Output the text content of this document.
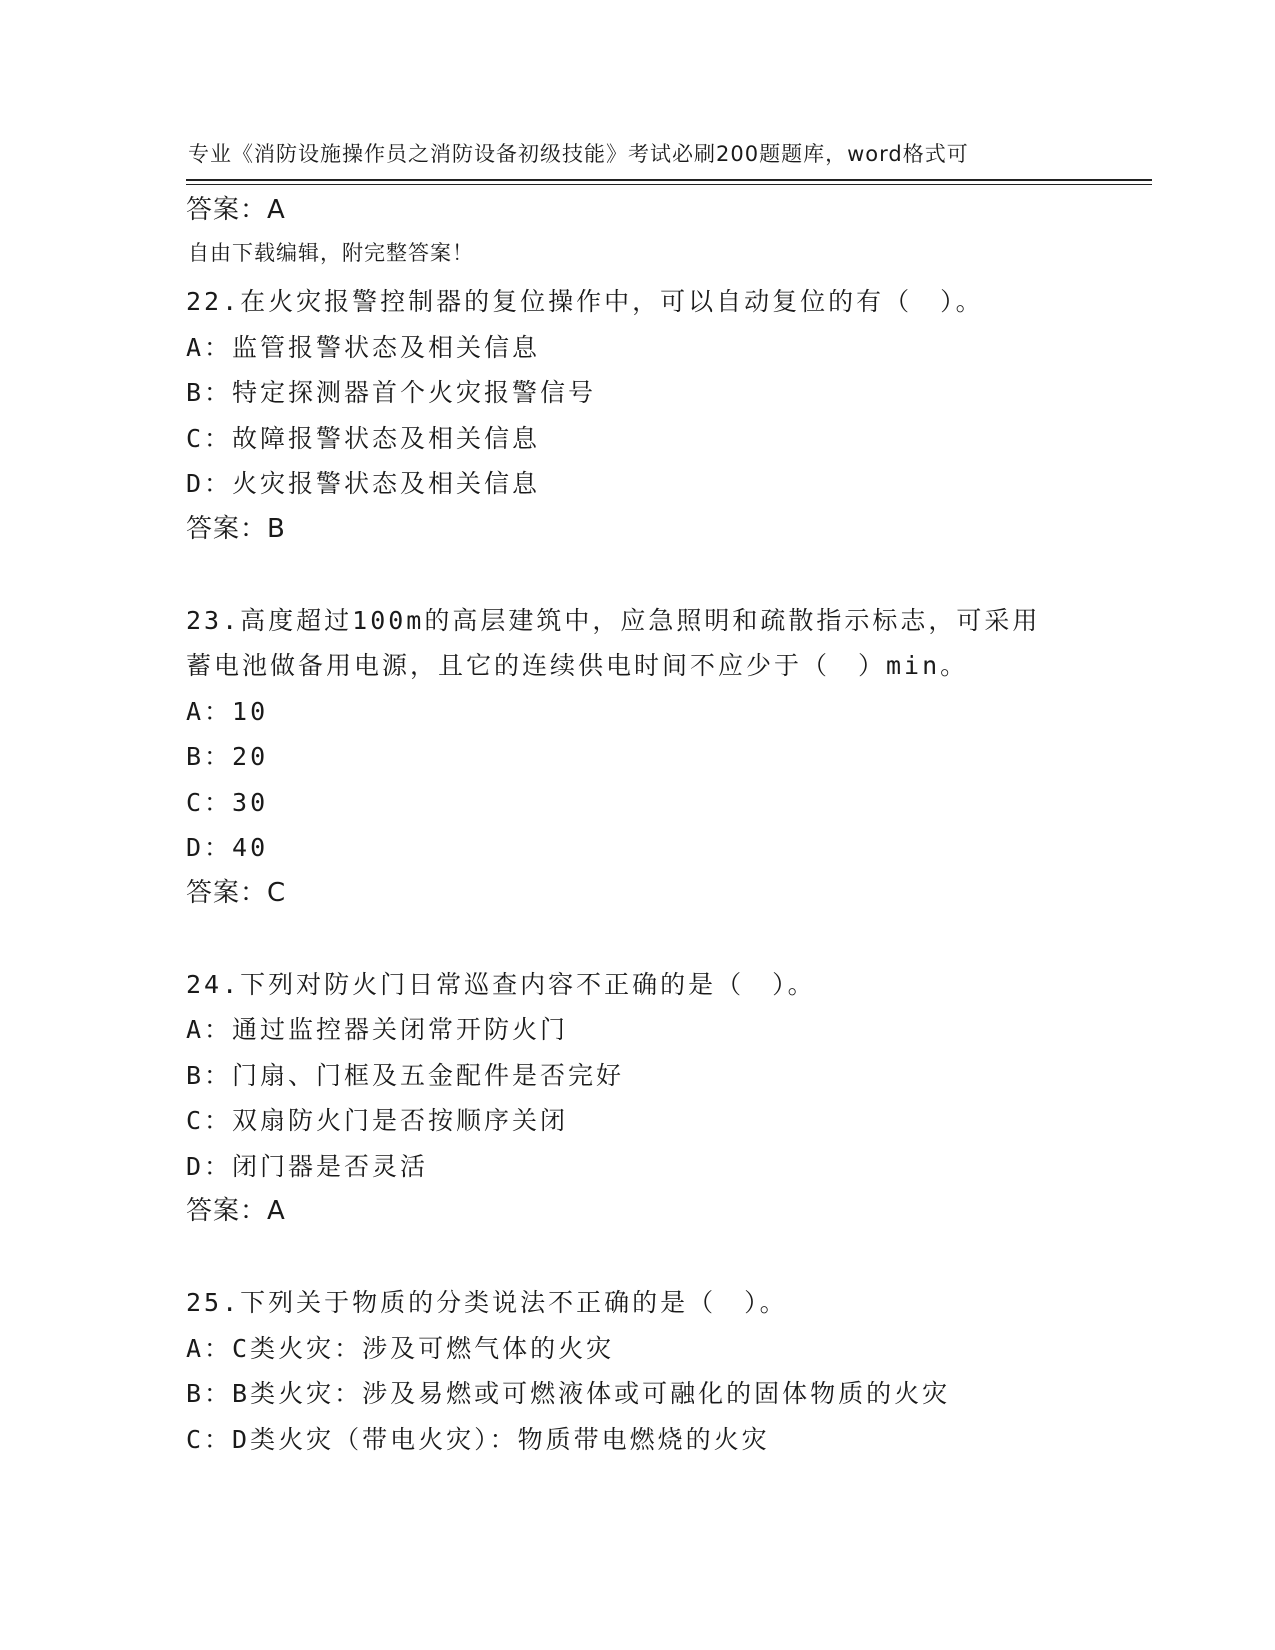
专业《消防设施操作员之消防设备初级技能》考试必刷200题题库，word格式可

自由下载编辑，附完整答案！

答案：A
22.在火灾报警控制器的复位操作中，可以自动复位的有（　）。
A：监管报警状态及相关信息
B：特定探测器首个火灾报警信号
C：故障报警状态及相关信息
D：火灾报警状态及相关信息
答案：B
23.高度超过100m的高层建筑中，应急照明和疏散指示标志，可采用
蓄电池做备用电源，且它的连续供电时间不应少于（　）min。
A：10
B：20
C：30
D：40
答案：C
24.下列对防火门日常巡查内容不正确的是（　）。
A：通过监控器关闭常开防火门
B：门扇、门框及五金配件是否完好
C：双扇防火门是否按顺序关闭
D：闭门器是否灵活
答案：A
25.下列关于物质的分类说法不正确的是（　）。
A：C类火灾：涉及可燃气体的火灾
B：B类火灾：涉及易燃或可燃液体或可融化的固体物质的火灾
C：D类火灾（带电火灾）：物质带电燃烧的火灾
